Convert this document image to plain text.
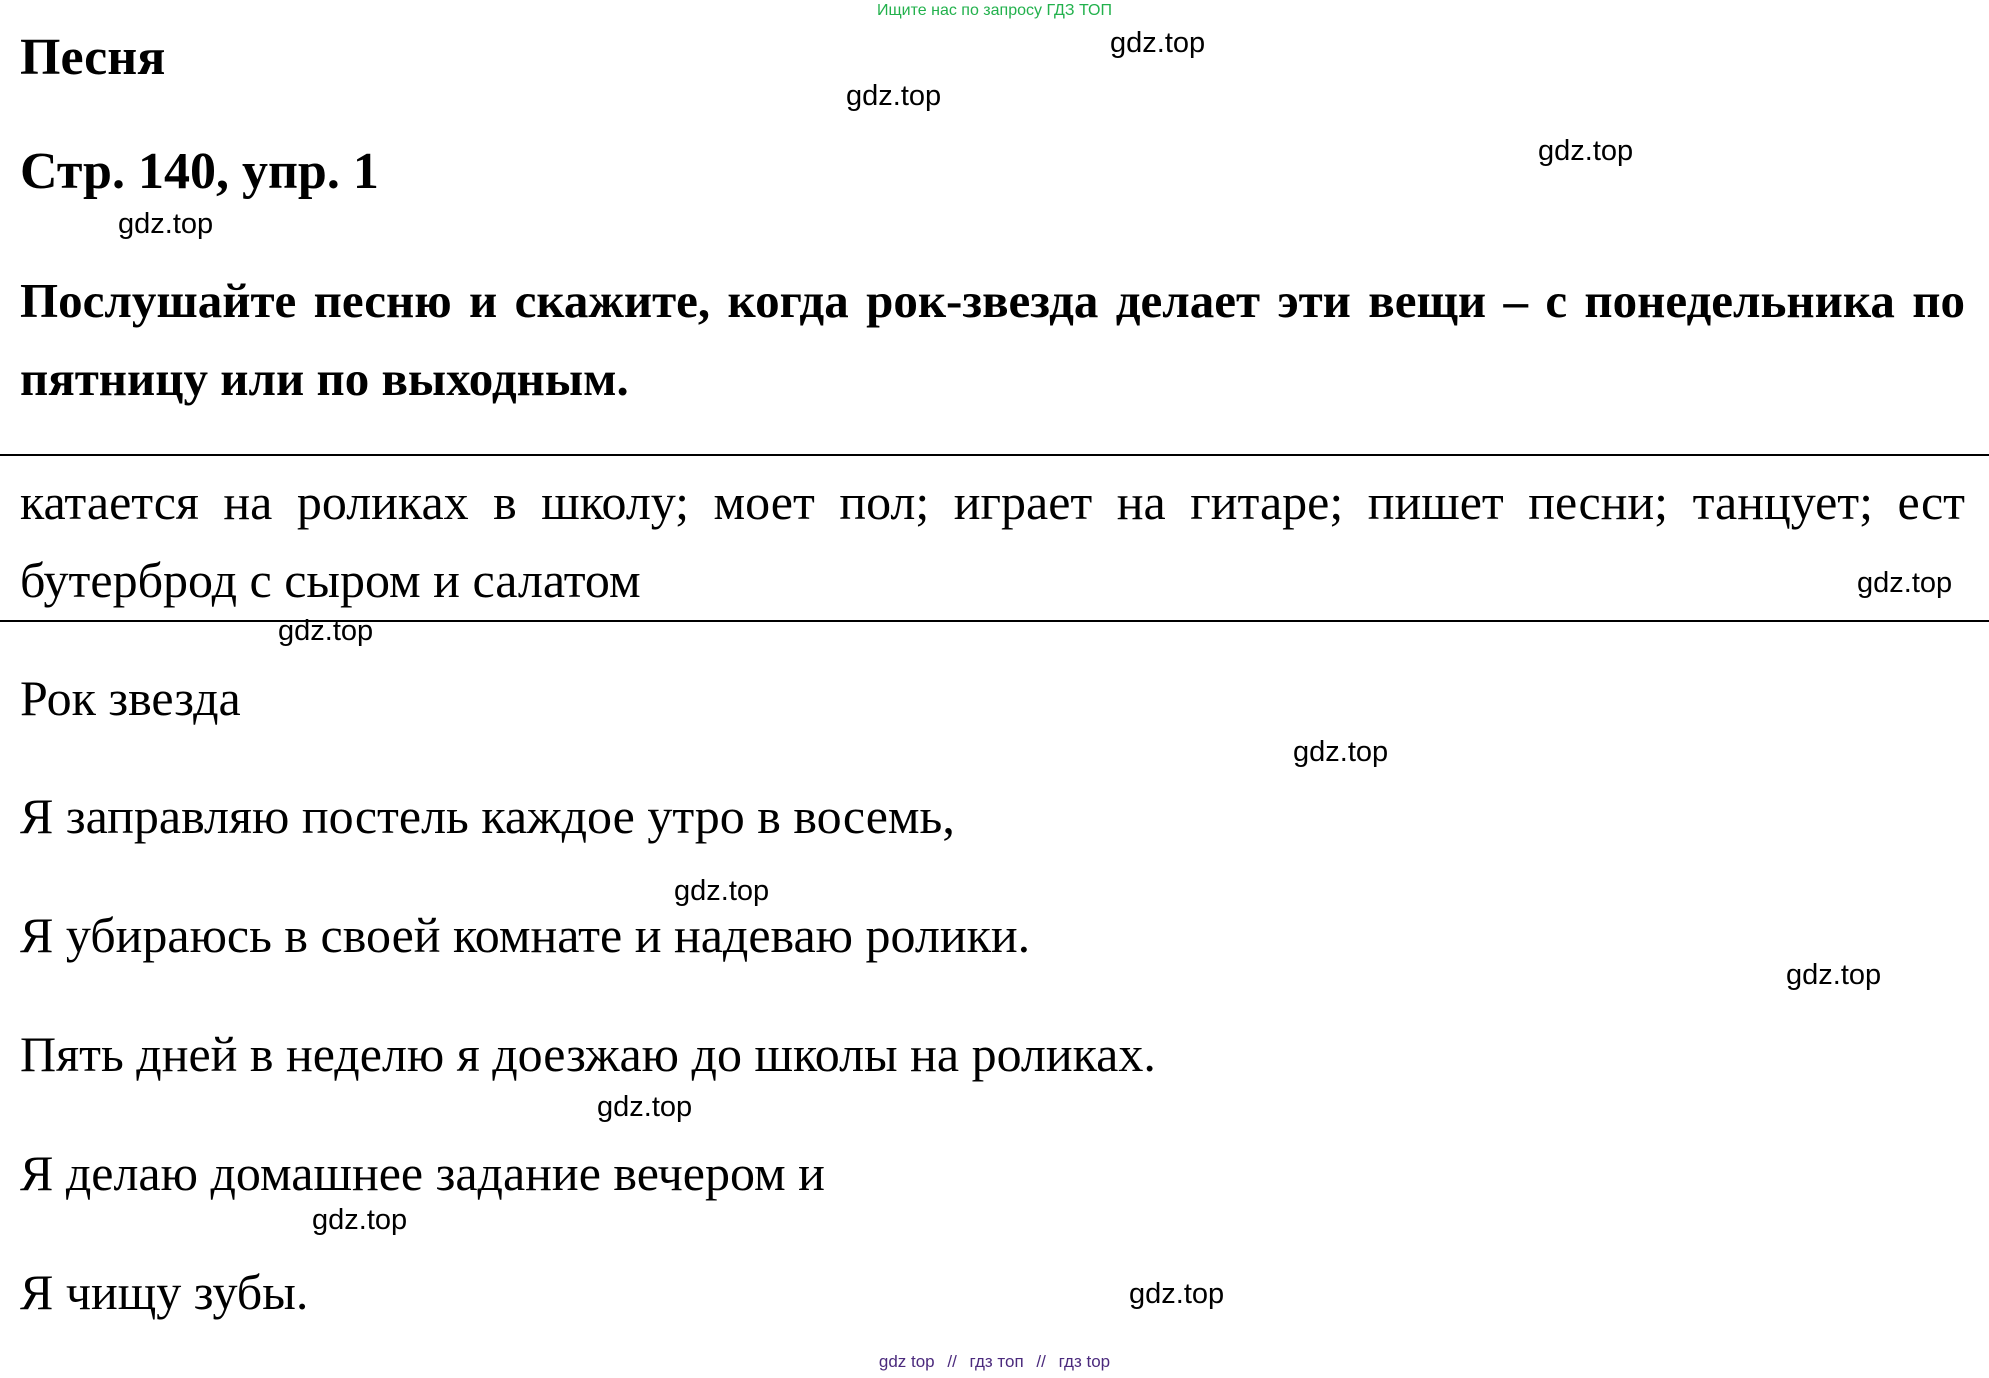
Ищите нас по запросу ГДЗ ТОП
Песня
Стр. 140, упр. 1

Послушайте песню и скажите, когда рок-звезда делает эти вещи – с понедельника по пятницу или по выходным.

катается на роликах в школу; моет пол; играет на гитаре; пишет песни; танцует; ест бутерброд с сыром и салатом

Рок звезда

Я заправляю постель каждое утро в восемь,

Я убираюсь в своей комнате и надеваю ролики.

Пять дней в неделю я доезжаю до школы на роликах.

Я делаю домашнее задание вечером и

Я чищу зубы.

gdz.top
gdz.top
gdz.top
gdz.top
gdz.top
gdz.top
gdz.top
gdz.top
gdz.top
gdz.top
gdz.top
gdz.top
gdz top // гдз топ // гдз top
